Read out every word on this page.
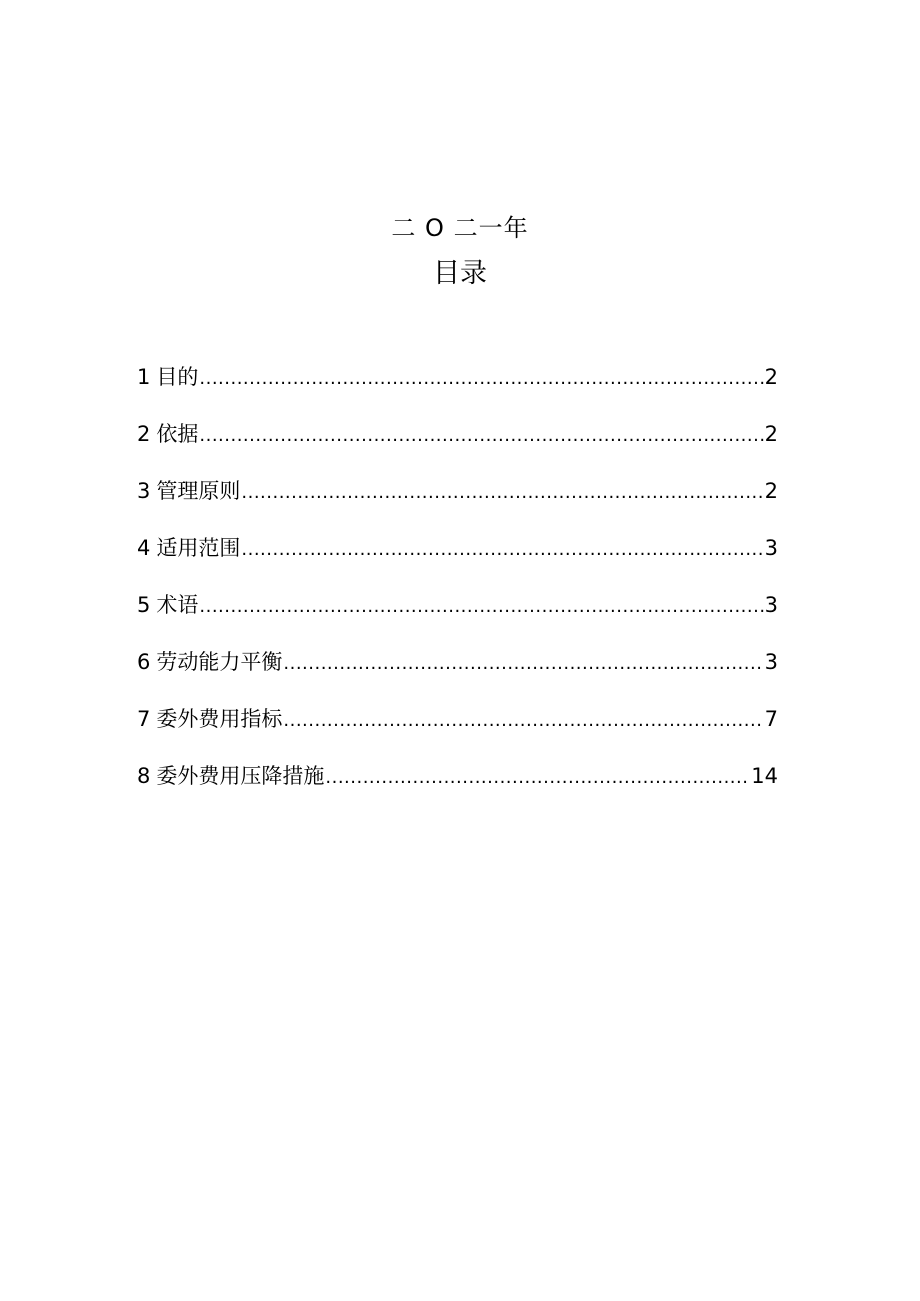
二 O 二一年
目录
1 目的 .....	2
2 依据 .....	2
3 管理原则 .....	2
4 适用范围 .....	3
5 术语 .....	3
6 劳动能力平衡 .....	3
7 委外费用指标 .....	7
8 委外费用压降措施 .....	14
